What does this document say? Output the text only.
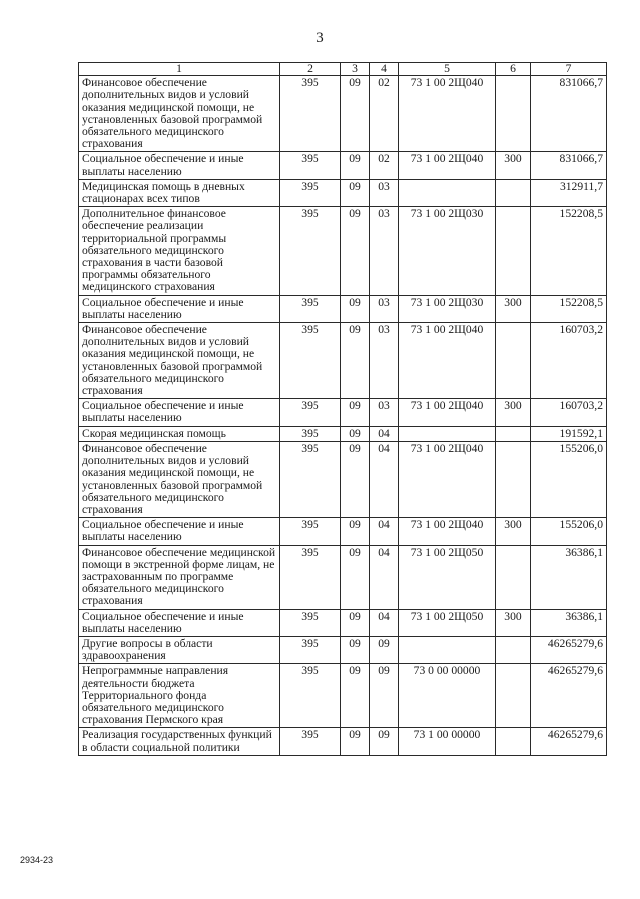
3
1	2	3	4	5	6	7
Финансовое обеспечение дополнительных видов и условий оказания медицинской помощи, не установленных базовой программой обязательного медицинского страхования	395	09	02	73 1 00 2Щ040		831066,7
Социальное обеспечение и иные выплаты населению	395	09	02	73 1 00 2Щ040	300	831066,7
Медицинская помощь в дневных стационарах всех типов	395	09	03			312911,7
Дополнительное финансовое обеспечение реализации территориальной программы обязательного медицинского страхования в части базовой программы обязательного медицинского страхования	395	09	03	73 1 00 2Щ030		152208,5
Социальное обеспечение и иные выплаты населению	395	09	03	73 1 00 2Щ030	300	152208,5
Финансовое обеспечение дополнительных видов и условий оказания медицинской помощи, не установленных базовой программой обязательного медицинского страхования	395	09	03	73 1 00 2Щ040		160703,2
Социальное обеспечение и иные выплаты населению	395	09	03	73 1 00 2Щ040	300	160703,2
Скорая медицинская помощь	395	09	04			191592,1
Финансовое обеспечение дополнительных видов и условий оказания медицинской помощи, не установленных базовой программой обязательного медицинского страхования	395	09	04	73 1 00 2Щ040		155206,0
Социальное обеспечение и иные выплаты населению	395	09	04	73 1 00 2Щ040	300	155206,0
Финансовое обеспечение медицинской помощи в экстренной форме лицам, не застрахованным по программе обязательного медицинского страхования	395	09	04	73 1 00 2Щ050		36386,1
Социальное обеспечение и иные выплаты населению	395	09	04	73 1 00 2Щ050	300	36386,1
Другие вопросы в области здравоохранения	395	09	09			46265279,6
Непрограммные направления деятельности бюджета Территориального фонда обязательного медицинского страхования Пермского края	395	09	09	73 0 00 00000		46265279,6
Реализация государственных функций в области социальной политики	395	09	09	73 1 00 00000		46265279,6
2934-23
